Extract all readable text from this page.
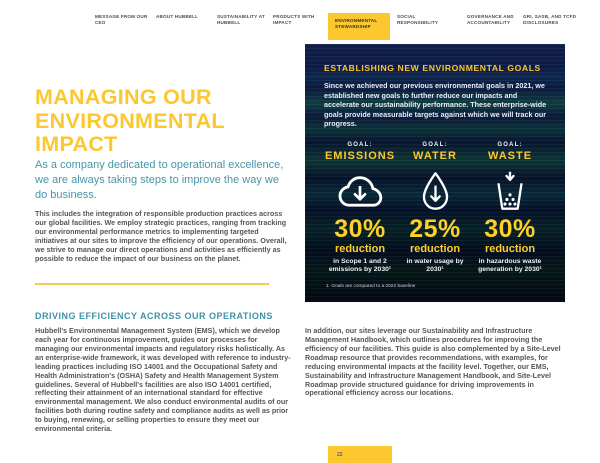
MESSAGE FROM OUR CEO
ABOUT HUBBELL	SUSTAINABILITY AT HUBBELL
PRODUCTS WITH IMPACT	ENVIRONMENTAL STEWARDSHIP
SOCIAL RESPONSIBILITY
GOVERNANCE AND ACCOUNTABILITY
GRI, SASB, AND TCFD DISCLOSURES
MANAGING OUR ENVIRONMENTAL IMPACT

As a company dedicated to operational excellence, we are always taking steps to improve the way we do business.

This includes the integration of responsible production practices across our global facilities. We employ strategic practices, ranging from tracking our environmental performance metrics to implementing targeted initiatives at our sites to improve the efficiency of our operations. Overall, we strive to manage our direct operations and activities as efficiently as possible to reduce the impact of our business on the planet.

ESTABLISHING NEW ENVIRONMENTAL GOALS

Since we achieved our previous environmental goals in 2021, we established new goals to further reduce our impacts and accelerate our sustainability performance. These enterprise-wide goals provide measurable targets against which we will track our progress.

GOAL:
EMISSIONS
30%
reduction
in Scope 1 and 2 emissions by 2030¹
GOAL:
WATER
25%
reduction
in water usage by 2030¹
GOAL:
WASTE
30%
reduction
in hazardous waste generation by 2030¹

1. Goals are compared to a 2022 baseline

DRIVING EFFICIENCY ACROSS OUR OPERATIONS

Hubbell's Environmental Management System (EMS), which we develop each year for continuous improvement, guides our processes for managing our environmental impacts and regulatory risks holistically. As an enterprise-wide framework, it was developed with reference to industry-leading practices including ISO 14001 and the Occupational Safety and Health Administration's (OSHA) Safety and Health Management System guidelines. Several of Hubbell's facilities are also ISO 14001 certified, reflecting their attainment of an international standard for effective environmental management. We also conduct environmental audits of our facilities both during routine safety and compliance audits as well as prior to buying, renewing, or selling properties to ensure they meet our environmental criteria.

In addition, our sites leverage our Sustainability and Infrastructure Management Handbook, which outlines procedures for improving the efficiency of our facilities. This guide is also complemented by a Site-Level Roadmap resource that provides recommendations, with examples, for reducing environmental impacts at the facility level. Together, our EMS, Sustainability and Infrastructure Management Handbook, and Site-Level Roadmap provide structured guidance for driving improvements in operational efficiency across our locations.

22
